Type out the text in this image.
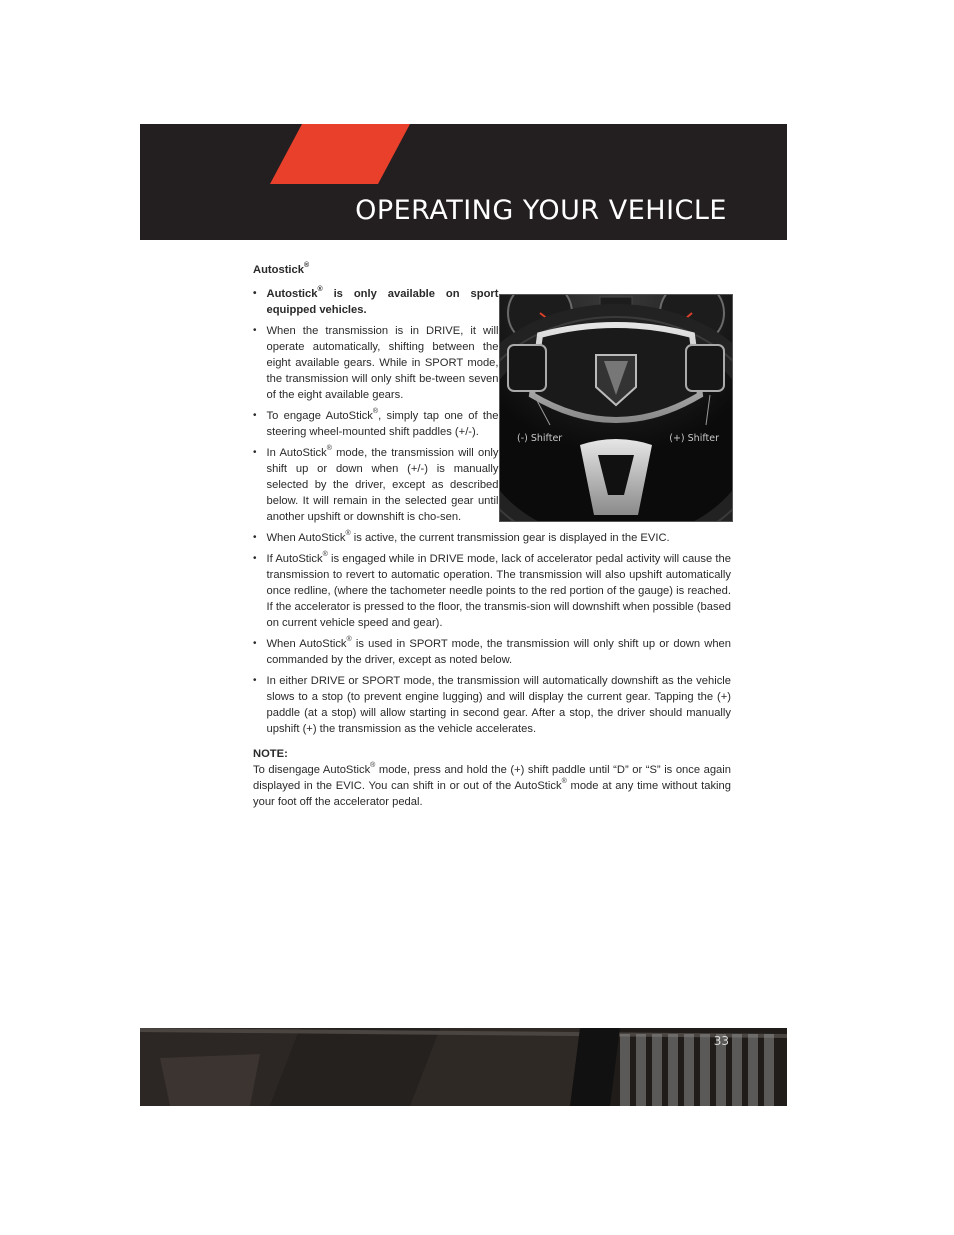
OPERATING YOUR VEHICLE
Autostick®
• Autostick® is only available on sport equipped vehicles.
• When the transmission is in DRIVE, it will operate automatically, shifting between the eight available gears. While in SPORT mode, the transmission will only shift be-tween seven of the eight available gears.
• To engage AutoStick®, simply tap one of the steering wheel-mounted shift paddles (+/-).
• In AutoStick® mode, the transmission will only shift up or down when (+/-) is manually selected by the driver, except as described below. It will remain in the selected gear until another upshift or downshift is cho-sen.
• When AutoStick® is active, the current transmission gear is displayed in the EVIC.
• If AutoStick® is engaged while in DRIVE mode, lack of accelerator pedal activity will cause the transmission to revert to automatic operation. The transmission will also upshift automatically once redline, (where the tachometer needle points to the red portion of the gauge) is reached. If the accelerator is pressed to the floor, the transmis-sion will downshift when possible (based on current vehicle speed and gear).
• When AutoStick® is used in SPORT mode, the transmission will only shift up or down when commanded by the driver, except as noted below.
• In either DRIVE or SPORT mode, the transmission will automatically downshift as the vehicle slows to a stop (to prevent engine lugging) and will display the current gear. Tapping the (+) paddle (at a stop) will allow starting in second gear. After a stop, the driver should manually upshift (+) the transmission as the vehicle accelerates.
NOTE:
To disengage AutoStick® mode, press and hold the (+) shift paddle until “D” or “S” is once again displayed in the EVIC. You can shift in or out of the AutoStick® mode at any time without taking your foot off the accelerator pedal.
(-) Shifter	(+) Shifter
33
